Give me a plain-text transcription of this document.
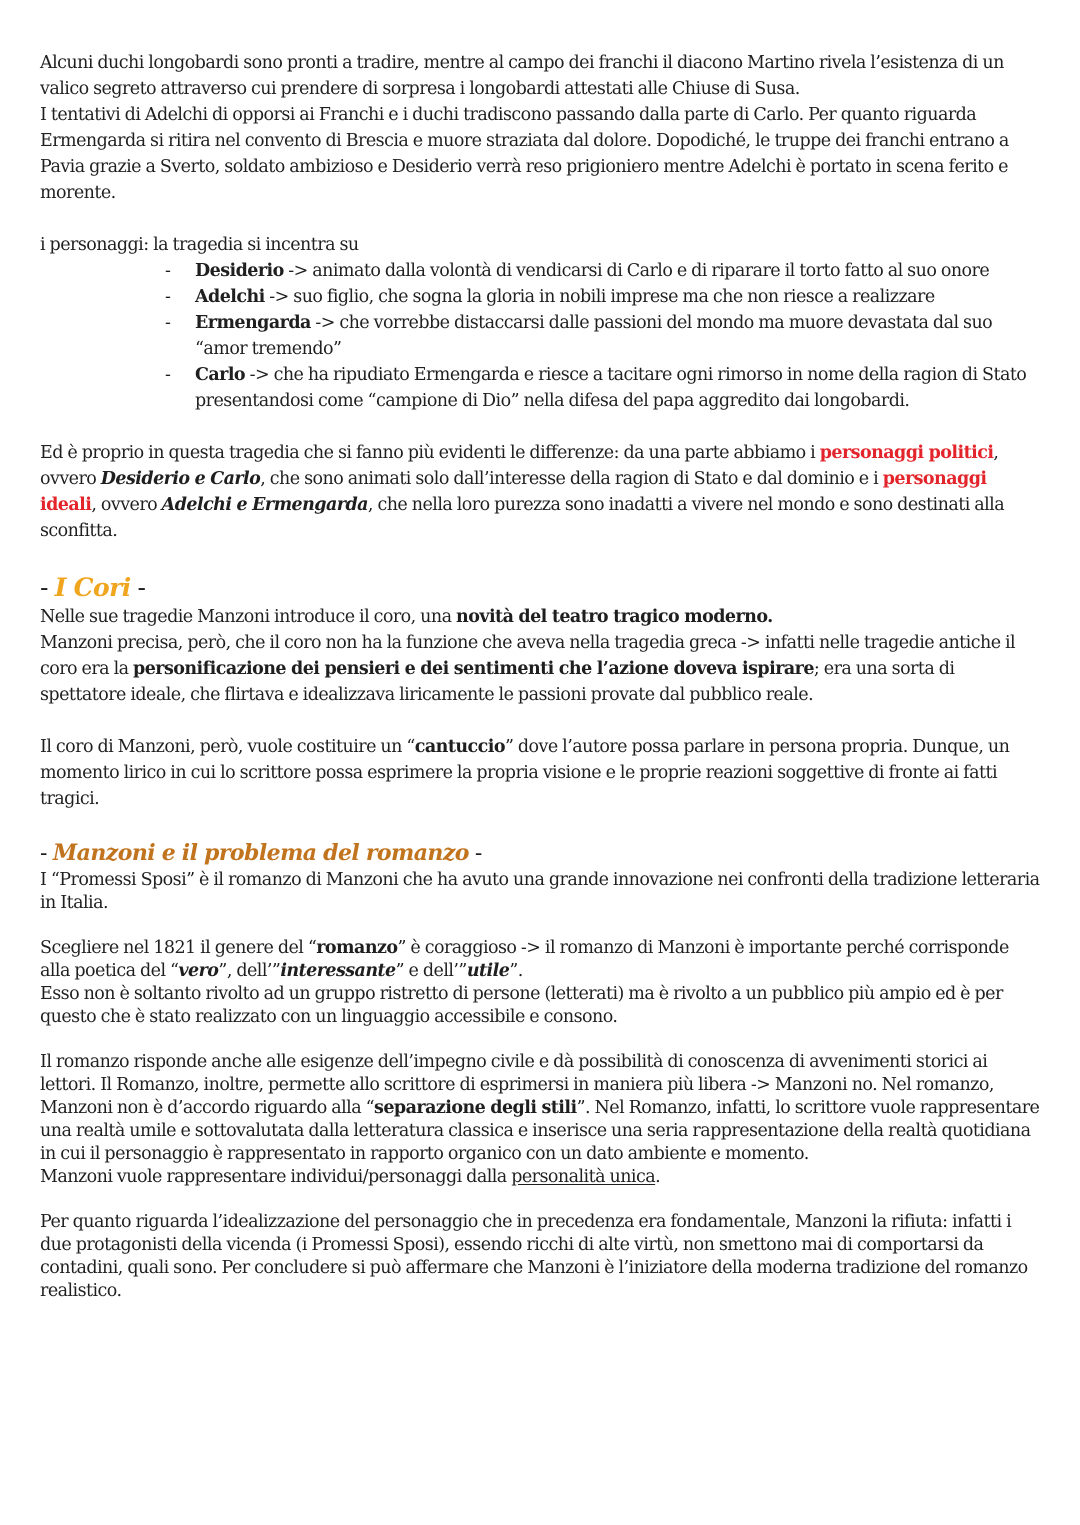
Alcuni duchi longobardi sono pronti a tradire, mentre al campo dei franchi il diacono Martino rivela l’esistenza di un valico segreto attraverso cui prendere di sorpresa i longobardi attestati alle Chiuse di Susa.

I tentativi di Adelchi di opporsi ai Franchi e i duchi tradiscono passando dalla parte di Carlo. Per quanto riguarda Ermengarda si ritira nel convento di Brescia e muore straziata dal dolore. Dopodiché, le truppe dei franchi entrano a Pavia grazie a Sverto, soldato ambizioso e Desiderio verrà reso prigioniero mentre Adelchi è portato in scena ferito e morente.

i personaggi: la tragedia si incentra su

- Desiderio -> animato dalla volontà di vendicarsi di Carlo e di riparare il torto fatto al suo onore
- Adelchi -> suo figlio, che sogna la gloria in nobili imprese ma che non riesce a realizzare
- Ermengarda -> che vorrebbe distaccarsi dalle passioni del mondo ma muore devastata dal suo “amor tremendo”
- Carlo -> che ha ripudiato Ermengarda e riesce a tacitare ogni rimorso in nome della ragion di Stato presentandosi come “campione di Dio” nella difesa del papa aggredito dai longobardi.

Ed è proprio in questa tragedia che si fanno più evidenti le differenze: da una parte abbiamo i personaggi politici, ovvero Desiderio e Carlo, che sono animati solo dall’interesse della ragion di Stato e dal dominio e i personaggi ideali, ovvero Adelchi e Ermengarda, che nella loro purezza sono inadatti a vivere nel mondo e sono destinati alla sconfitta.

- I Cori -

Nelle sue tragedie Manzoni introduce il coro, una novità del teatro tragico moderno.

Manzoni precisa, però, che il coro non ha la funzione che aveva nella tragedia greca -> infatti nelle tragedie antiche il coro era la personificazione dei pensieri e dei sentimenti che l’azione doveva ispirare; era una sorta di spettatore ideale, che flirtava e idealizzava liricamente le passioni provate dal pubblico reale.

Il coro di Manzoni, però, vuole costituire un “cantuccio” dove l’autore possa parlare in persona propria. Dunque, un momento lirico in cui lo scrittore possa esprimere la propria visione e le proprie reazioni soggettive di fronte ai fatti tragici.

- Manzoni e il problema del romanzo -

I “Promessi Sposi” è il romanzo di Manzoni che ha avuto una grande innovazione nei confronti della tradizione letteraria in Italia.

Scegliere nel 1821 il genere del “romanzo” è coraggioso -> il romanzo di Manzoni è importante perché corrisponde alla poetica del “vero”, dell’”interessante” e dell’”utile”.

Esso non è soltanto rivolto ad un gruppo ristretto di persone (letterati) ma è rivolto a un pubblico più ampio ed è per questo che è stato realizzato con un linguaggio accessibile e consono.

Il romanzo risponde anche alle esigenze dell’impegno civile e dà possibilità di conoscenza di avvenimenti storici ai lettori. Il Romanzo, inoltre, permette allo scrittore di esprimersi in maniera più libera -> Manzoni no. Nel romanzo, Manzoni non è d’accordo riguardo alla “separazione degli stili”. Nel Romanzo, infatti, lo scrittore vuole rappresentare una realtà umile e sottovalutata dalla letteratura classica e inserisce una seria rappresentazione della realtà quotidiana in cui il personaggio è rappresentato in rapporto organico con un dato ambiente e momento.

Manzoni vuole rappresentare individui/personaggi dalla personalità unica.

Per quanto riguarda l’idealizzazione del personaggio che in precedenza era fondamentale, Manzoni la rifiuta: infatti i due protagonisti della vicenda (i Promessi Sposi), essendo ricchi di alte virtù, non smettono mai di comportarsi da contadini, quali sono. Per concludere si può affermare che Manzoni è l’iniziatore della moderna tradizione del romanzo realistico.
